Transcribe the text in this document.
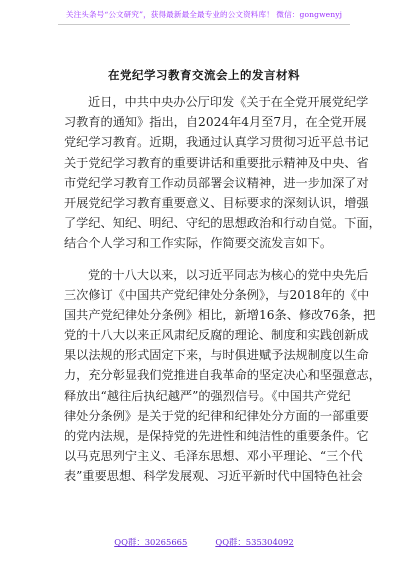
关注头条号“公文研究”，获得最新最全最专业的公文资料库！ 微信：gongwenyj
在党纪学习教育交流会上的发言材料
近日，中共中央办公厅印发《关于在全党开展党纪学
习教育的通知》指出，自2024年4月至7月，在全党开展
党纪学习教育。近期，我通过认真学习贯彻习近平总书记
关于党纪学习教育的重要讲话和重要批示精神及中央、省
市党纪学习教育工作动员部署会议精神，进一步加深了对
开展党纪学习教育重要意义、目标要求的深刻认识，增强
了学纪、知纪、明纪、守纪的思想政治和行动自觉。下面，
结合个人学习和工作实际，作简要交流发言如下。
党的十八大以来，以习近平同志为核心的党中央先后
三次修订《中国共产党纪律处分条例》，与2018年的《中
国共产党纪律处分条例》相比，新增16条、修改76条，把
党的十八大以来正风肃纪反腐的理论、制度和实践创新成
果以法规的形式固定下来，与时俱进赋予法规制度以生命
力，充分彰显我们党推进自我革命的坚定决心和坚强意志，
释放出“越往后执纪越严”的强烈信号。《中国共产党纪
律处分条例》是关于党的纪律和纪律处分方面的一部重要
的党内法规，是保持党的先进性和纯洁性的重要条件。它
以马克思列宁主义、毛泽东思想、邓小平理论、“三个代
表”重要思想、科学发展观、习近平新时代中国特色社会
QQ群：30265665	QQ群：535304092
